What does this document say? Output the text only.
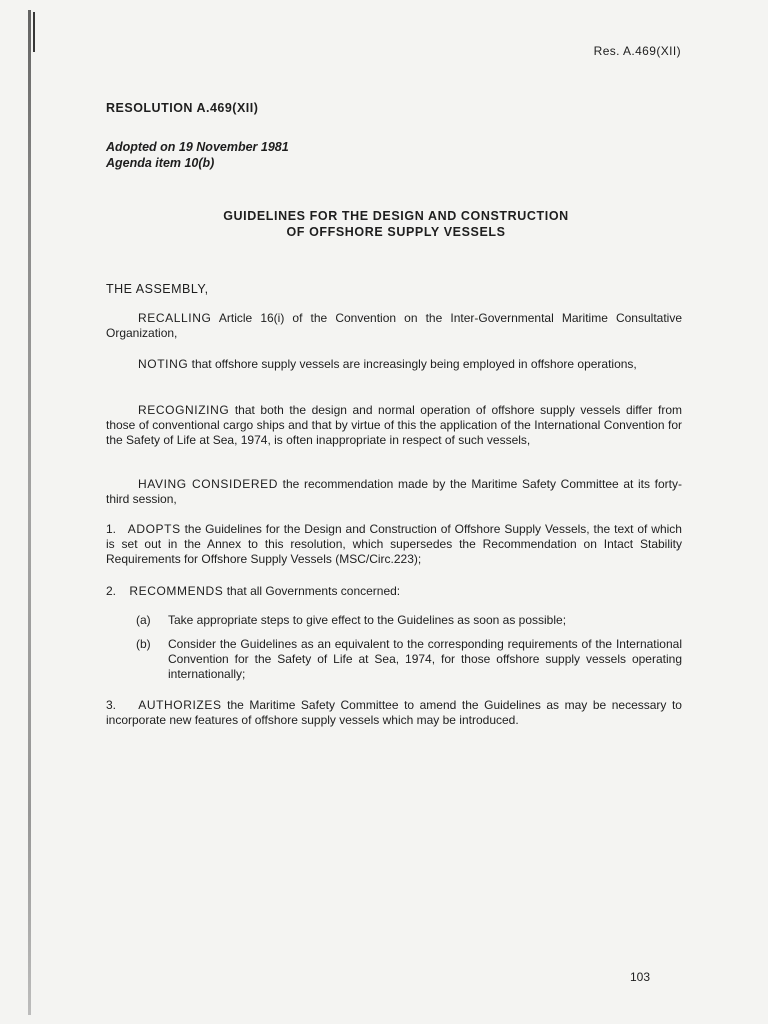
Res. A.469(XII)
RESOLUTION A.469(XII)
Adopted on 19 November 1981
Agenda item 10(b)
GUIDELINES FOR THE DESIGN AND CONSTRUCTION
OF OFFSHORE SUPPLY VESSELS
THE ASSEMBLY,
RECALLING Article 16(i) of the Convention on the Inter-Governmental Maritime Consultative Organization,
NOTING that offshore supply vessels are increasingly being employed in offshore operations,
RECOGNIZING that both the design and normal operation of offshore supply vessels differ from those of conventional cargo ships and that by virtue of this the application of the International Convention for the Safety of Life at Sea, 1974, is often inappropriate in respect of such vessels,
HAVING CONSIDERED the recommendation made by the Maritime Safety Committee at its forty-third session,
1. ADOPTS the Guidelines for the Design and Construction of Offshore Supply Vessels, the text of which is set out in the Annex to this resolution, which supersedes the Recommendation on Intact Stability Requirements for Offshore Supply Vessels (MSC/Circ.223);
2. RECOMMENDS that all Governments concerned:
(a)	Take appropriate steps to give effect to the Guidelines as soon as possible;
(b)	Consider the Guidelines as an equivalent to the corresponding requirements of the International Convention for the Safety of Life at Sea, 1974, for those offshore supply vessels operating internationally;
3. AUTHORIZES the Maritime Safety Committee to amend the Guidelines as may be necessary to incorporate new features of offshore supply vessels which may be introduced.
103
